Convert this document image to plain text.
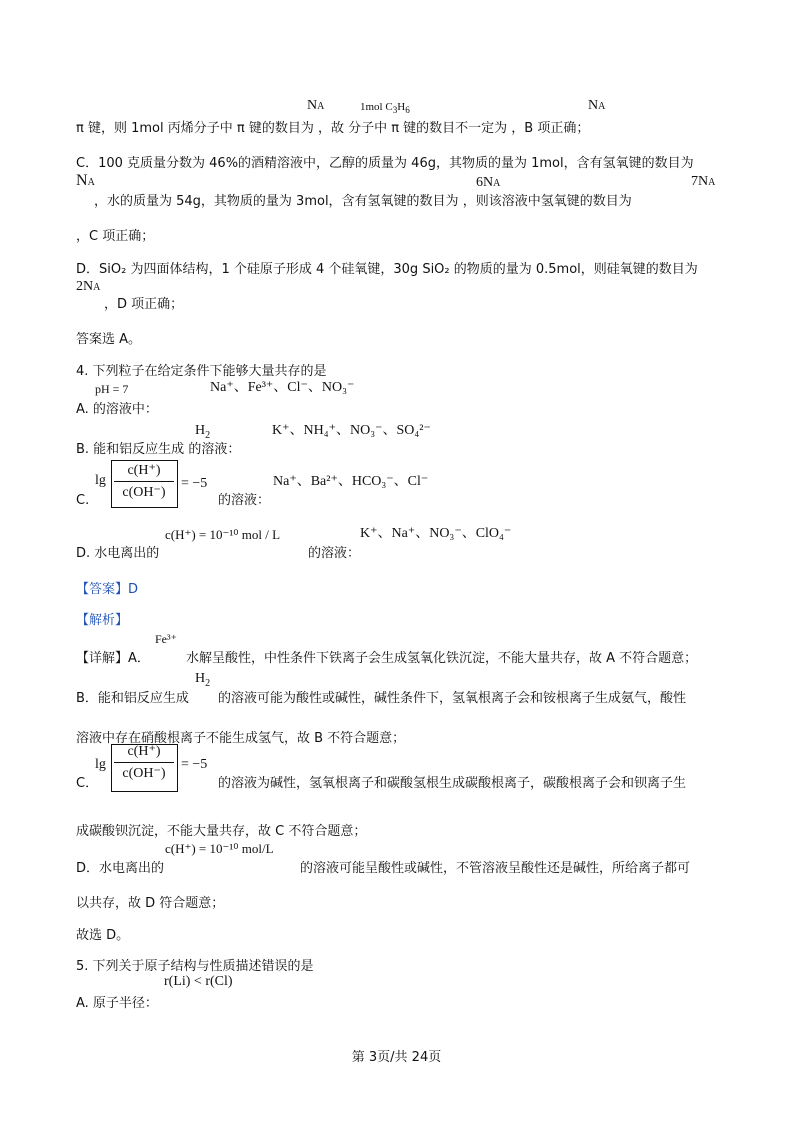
NA	1mol $C_3H_6$	NA
π 键，则 1mol 丙烯分子中 π 键的数目为 ，故 分子中 π 键的数目不一定为 ，B 项正确；
C．100 克质量分数为 46%的酒精溶液中，乙醇的质量为 46g，其物质的量为 1mol，含有氢氧键的数目为
NA	6NA	7NA
，水的质量为 54g，其物质的量为 3mol，含有氢氧键的数目为 ，则该溶液中氢氧键的数目为
，C 项正确；
D．SiO₂ 为四面体结构，1 个硅原子形成 4 个硅氧键，30g SiO₂ 的物质的量为 0.5mol，则硅氧键的数目为
2NA
，D 项正确；
答案选 A。
4. 下列粒子在给定条件下能够大量共存的是
pH = 7	Na⁺、Fe³⁺、Cl⁻、NO₃⁻
A. 的溶液中：
$H_2$	K⁺、NH₄⁺、NO₃⁻、SO₄²⁻
B. 能和铝反应生成 的溶液：
lg
c(H⁺)
c(OH⁻)
= −5	Na⁺、Ba²⁺、HCO₃⁻、Cl⁻
C.	的溶液：
c(H⁺) = 10⁻¹⁰ mol / L	K⁺、Na⁺、NO₃⁻、ClO₄⁻
D. 水电离出的	的溶液：
【答案】D
【解析】
Fe³⁺
【详解】A．	水解呈酸性，中性条件下铁离子会生成氢氧化铁沉淀，不能大量共存，故 A 不符合题意；
$H_2$
B．能和铝反应生成 的溶液可能为酸性或碱性，碱性条件下，氢氧根离子会和铵根离子生成氨气，酸性
溶液中存在硝酸根离子不能生成氢气，故 B 不符合题意；
lg
c(H⁺)
c(OH⁻)
= −5
C．	的溶液为碱性，氢氧根离子和碳酸氢根生成碳酸根离子，碳酸根离子会和钡离子生
成碳酸钡沉淀，不能大量共存，故 C 不符合题意；
c(H⁺) = 10⁻¹⁰ mol/L
D．水电离出的	的溶液可能呈酸性或碱性，不管溶液呈酸性还是碱性，所给离子都可
以共存，故 D 符合题意；
故选 D。
5. 下列关于原子结构与性质描述错误的是
r(Li) < r(Cl)
A. 原子半径：
第 3页/共 24页
